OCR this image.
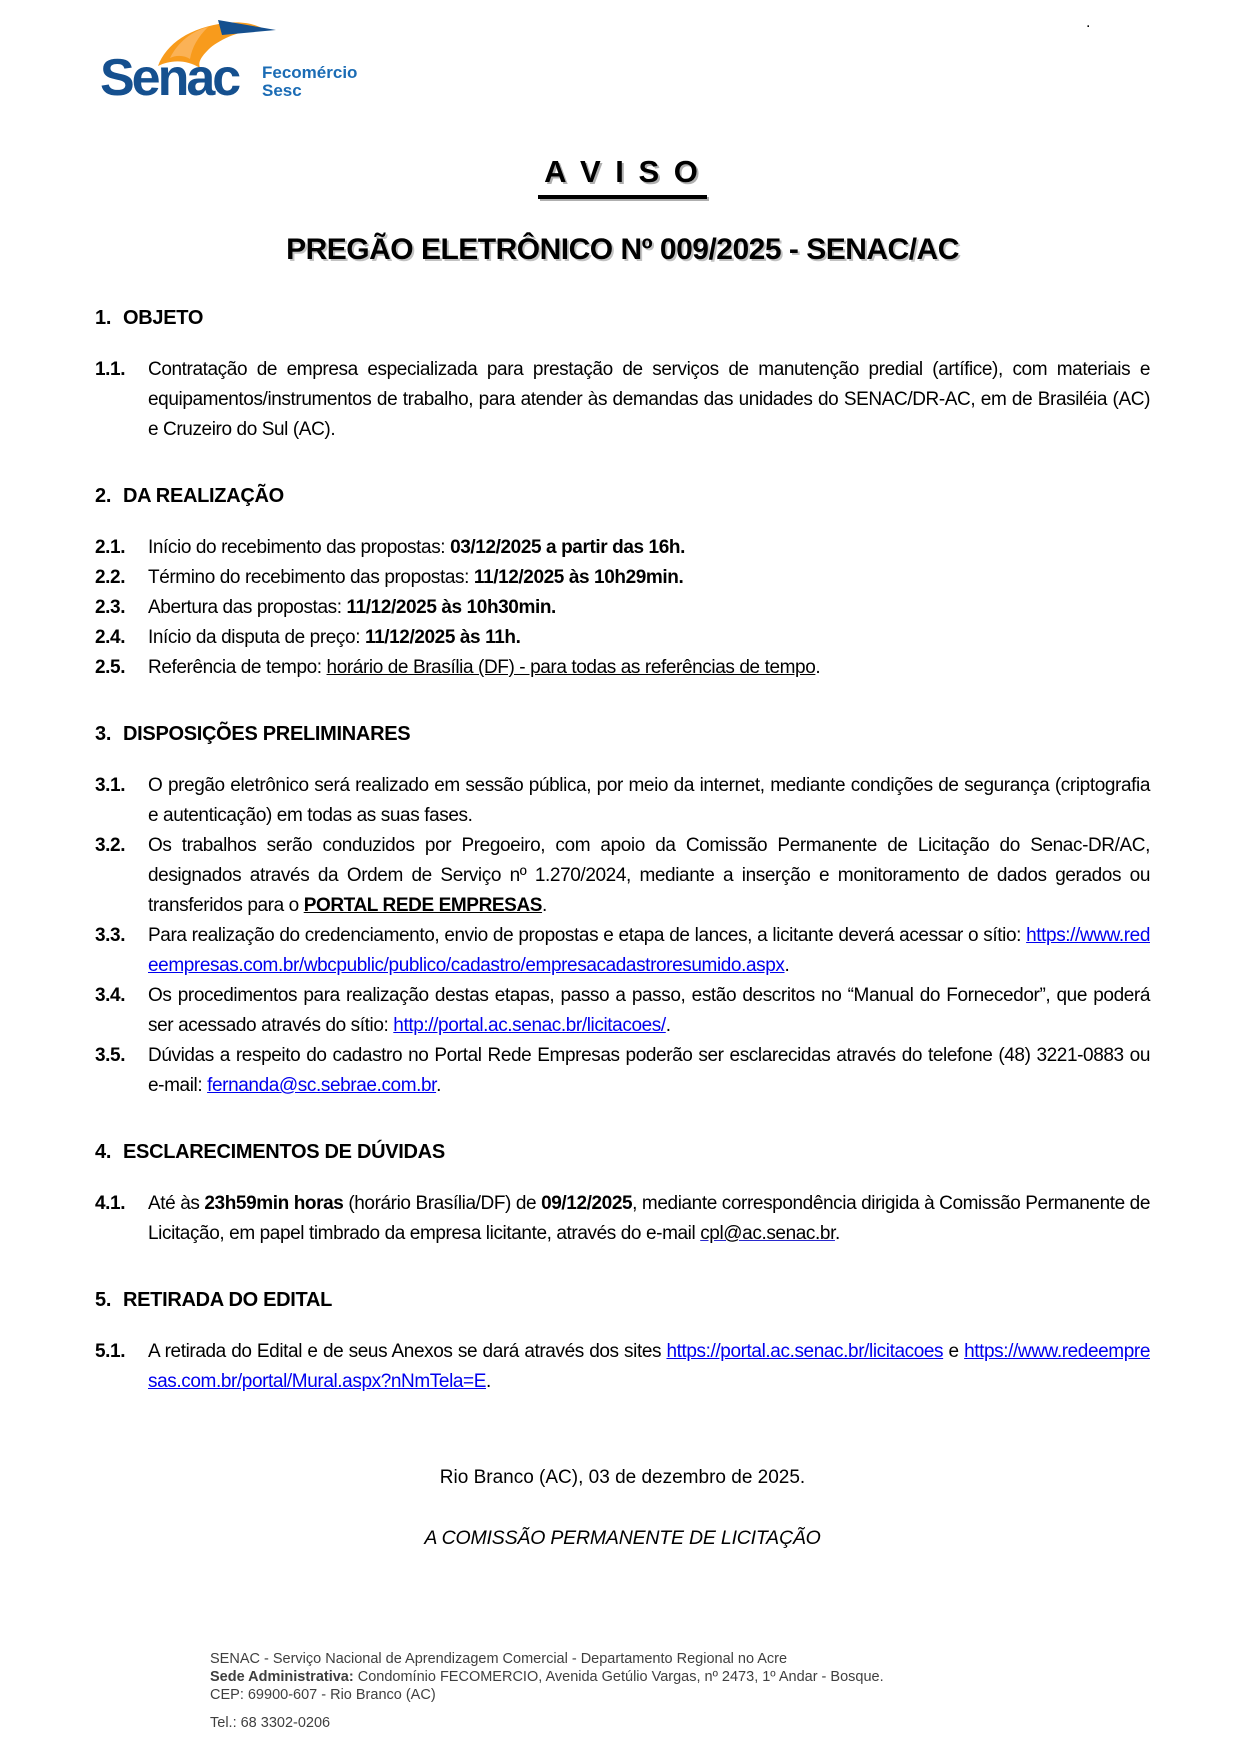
.
Senac Fecomércio
Sesc
A V I S O
PREGÃO ELETRÔNICO Nº 009/2025 - SENAC/AC
1. OBJETO
1.1.	Contratação de empresa especializada para prestação de serviços de manutenção predial (artífice), com materiais e equipamentos/instrumentos de trabalho, para atender às demandas das unidades do SENAC/DR-AC, em de Brasiléia (AC) e Cruzeiro do Sul (AC).

2. DA REALIZAÇÃO
2.1.	Início do recebimento das propostas: 03/12/2025 a partir das 16h.

2.2.	Término do recebimento das propostas: 11/12/2025 às 10h29min.

2.3.	Abertura das propostas: 11/12/2025 às 10h30min.

2.4.	Início da disputa de preço: 11/12/2025 às 11h.

2.5.	Referência de tempo: horário de Brasília (DF) - para todas as referências de tempo.

3. DISPOSIÇÕES PRELIMINARES
3.1.	O pregão eletrônico será realizado em sessão pública, por meio da internet, mediante condições de segurança (criptografia e autenticação) em todas as suas fases.

3.2.	Os trabalhos serão conduzidos por Pregoeiro, com apoio da Comissão Permanente de Licitação do Senac-DR/AC, designados através da Ordem de Serviço nº 1.270/2024, mediante a inserção e monitoramento de dados gerados ou transferidos para o PORTAL REDE EMPRESAS.

3.3.	Para realização do credenciamento, envio de propostas e etapa de lances, a licitante deverá acessar o sítio: https://www.redeempresas.com.br/wbcpublic/publico/cadastro/empresacadastroresumido.aspx.

3.4.	Os procedimentos para realização destas etapas, passo a passo, estão descritos no “Manual do Fornecedor”, que poderá ser acessado através do sítio: http://portal.ac.senac.br/licitacoes/.

3.5.	Dúvidas a respeito do cadastro no Portal Rede Empresas poderão ser esclarecidas através do telefone (48) 3221-0883 ou e-mail: fernanda@sc.sebrae.com.br.

4. ESCLARECIMENTOS DE DÚVIDAS
4.1.	Até às 23h59min horas (horário Brasília/DF) de 09/12/2025, mediante correspondência dirigida à Comissão Permanente de Licitação, em papel timbrado da empresa licitante, através do e-mail cpl@ac.senac.br.

5. RETIRADA DO EDITAL
5.1.	A retirada do Edital e de seus Anexos se dará através dos sites https://portal.ac.senac.br/licitacoes e https://www.redeempresas.com.br/portal/Mural.aspx?nNmTela=E.

Rio Branco (AC), 03 de dezembro de 2025.
A COMISSÃO PERMANENTE DE LICITAÇÃO
SENAC - Serviço Nacional de Aprendizagem Comercial - Departamento Regional no Acre
Sede Administrativa: Condomínio FECOMERCIO, Avenida Getúlio Vargas, nº 2473, 1º Andar - Bosque.
CEP: 69900-607 - Rio Branco (AC)
Tel.: 68 3302-0206
